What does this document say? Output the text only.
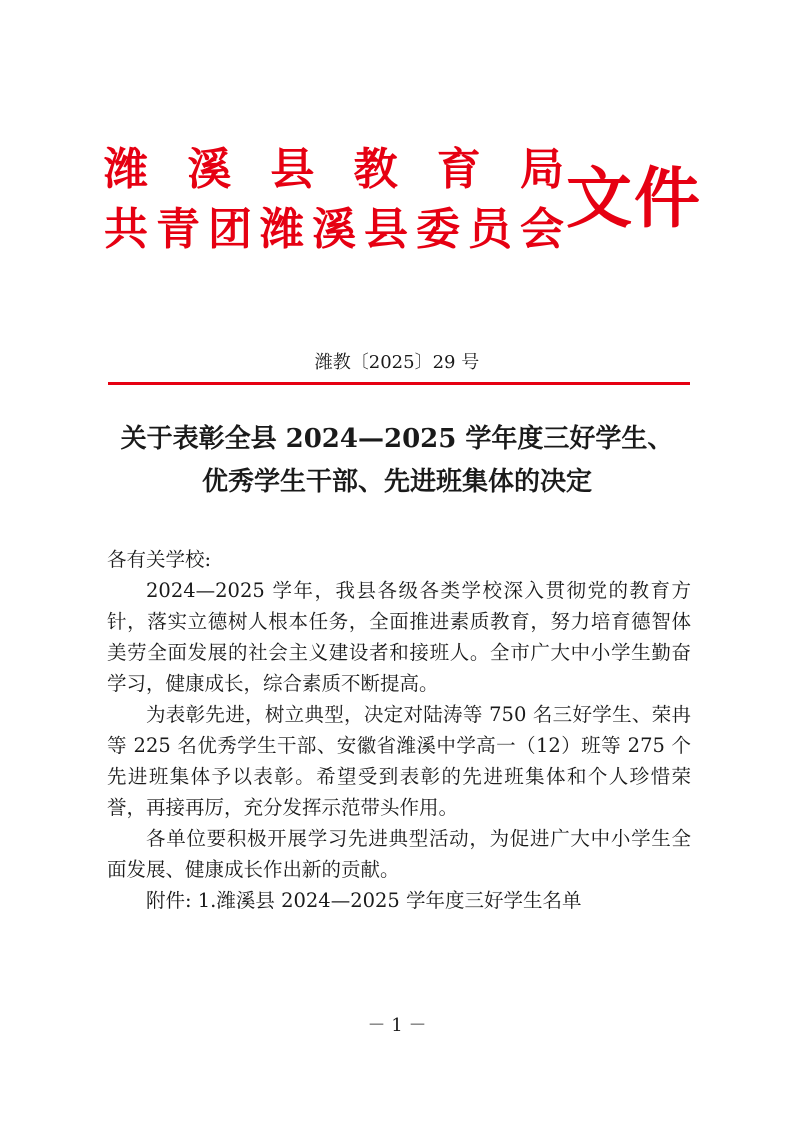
潍 溪 县 教 育 局
共 青 团 潍 溪 县 委 员 会 文件
潍教〔2025〕29 号
关于表彰全县 2024—2025 学年度三好学生、
优秀学生干部、先进班集体的决定

各有关学校:

2024—2025 学年，我县各级各类学校深入贯彻党的教育方针，落实立德树人根本任务，全面推进素质教育，努力培育德智体美劳全面发展的社会主义建设者和接班人。全市广大中小学生勤奋学习，健康成长，综合素质不断提高。

为表彰先进，树立典型，决定对陆涛等 750 名三好学生、荣冉等 225 名优秀学生干部、安徽省潍溪中学高一（12）班等 275 个先进班集体予以表彰。希望受到表彰的先进班集体和个人珍惜荣誉，再接再厉，充分发挥示范带头作用。

各单位要积极开展学习先进典型活动，为促进广大中小学生全面发展、健康成长作出新的贡献。

附件: 1.潍溪县 2024—2025 学年度三好学生名单

－ 1 －
